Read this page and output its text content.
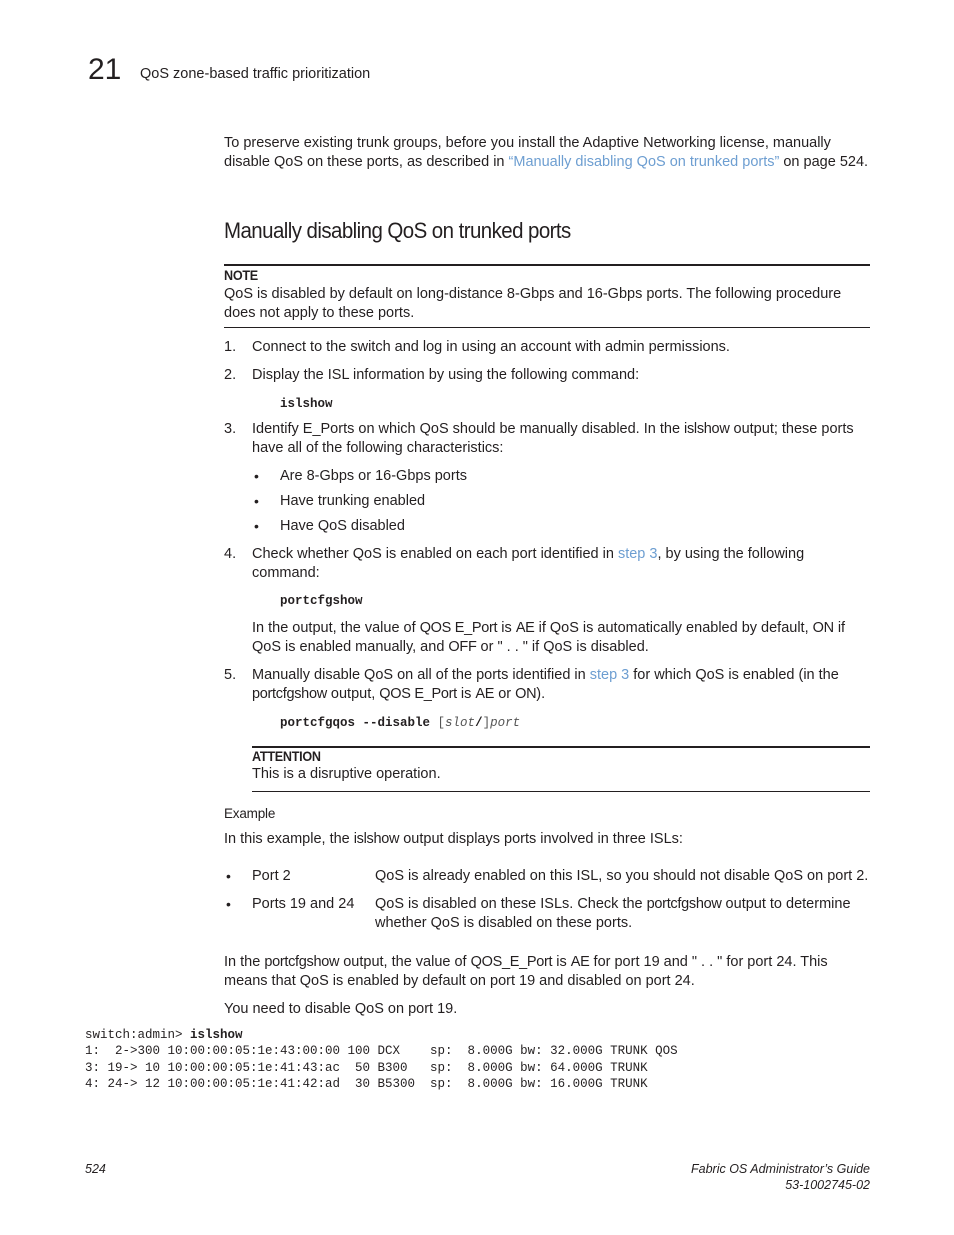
21 QoS zone-based traffic prioritization
To preserve existing trunk groups, before you install the Adaptive Networking license, manually disable QoS on these ports, as described in “Manually disabling QoS on trunked ports” on page 524.
Manually disabling QoS on trunked ports
NOTE
QoS is disabled by default on long-distance 8-Gbps and 16-Gbps ports. The following procedure does not apply to these ports.
1. Connect to the switch and log in using an account with admin permissions.
2. Display the ISL information by using the following command:
islshow
3. Identify E_Ports on which QoS should be manually disabled. In the islshow output; these ports have all of the following characteristics:
• Are 8-Gbps or 16-Gbps ports
• Have trunking enabled
• Have QoS disabled
4. Check whether QoS is enabled on each port identified in step 3, by using the following command:
portcfgshow
In the output, the value of QOS E_Port is AE if QoS is automatically enabled by default, ON if QoS is enabled manually, and OFF or " . . " if QoS is disabled.
5. Manually disable QoS on all of the ports identified in step 3 for which QoS is enabled (in the portcfgshow output, QOS E_Port is AE or ON).
portcfgqos --disable [slot/]port
ATTENTION
This is a disruptive operation.
Example
In this example, the islshow output displays ports involved in three ISLs:
• Port 2	QoS is already enabled on this ISL, so you should not disable QoS on port 2.
• Ports 19 and 24 QoS is disabled on these ISLs. Check the portcfgshow output to determine whether QoS is disabled on these ports.
In the portcfgshow output, the value of QOS_E_Port is AE for port 19 and " . . " for port 24. This means that QoS is enabled by default on port 19 and disabled on port 24.
You need to disable QoS on port 19.
switch:admin> islshow
1:  2->300 10:00:00:05:1e:43:00:00 100 DCX    sp:  8.000G bw: 32.000G TRUNK QOS
3: 19-> 10 10:00:00:05:1e:41:43:ac  50 B300   sp:  8.000G bw: 64.000G TRUNK
4: 24-> 12 10:00:00:05:1e:41:42:ad  30 B5300  sp:  8.000G bw: 16.000G TRUNK
524	Fabric OS Administrator’s Guide
53-1002745-02
